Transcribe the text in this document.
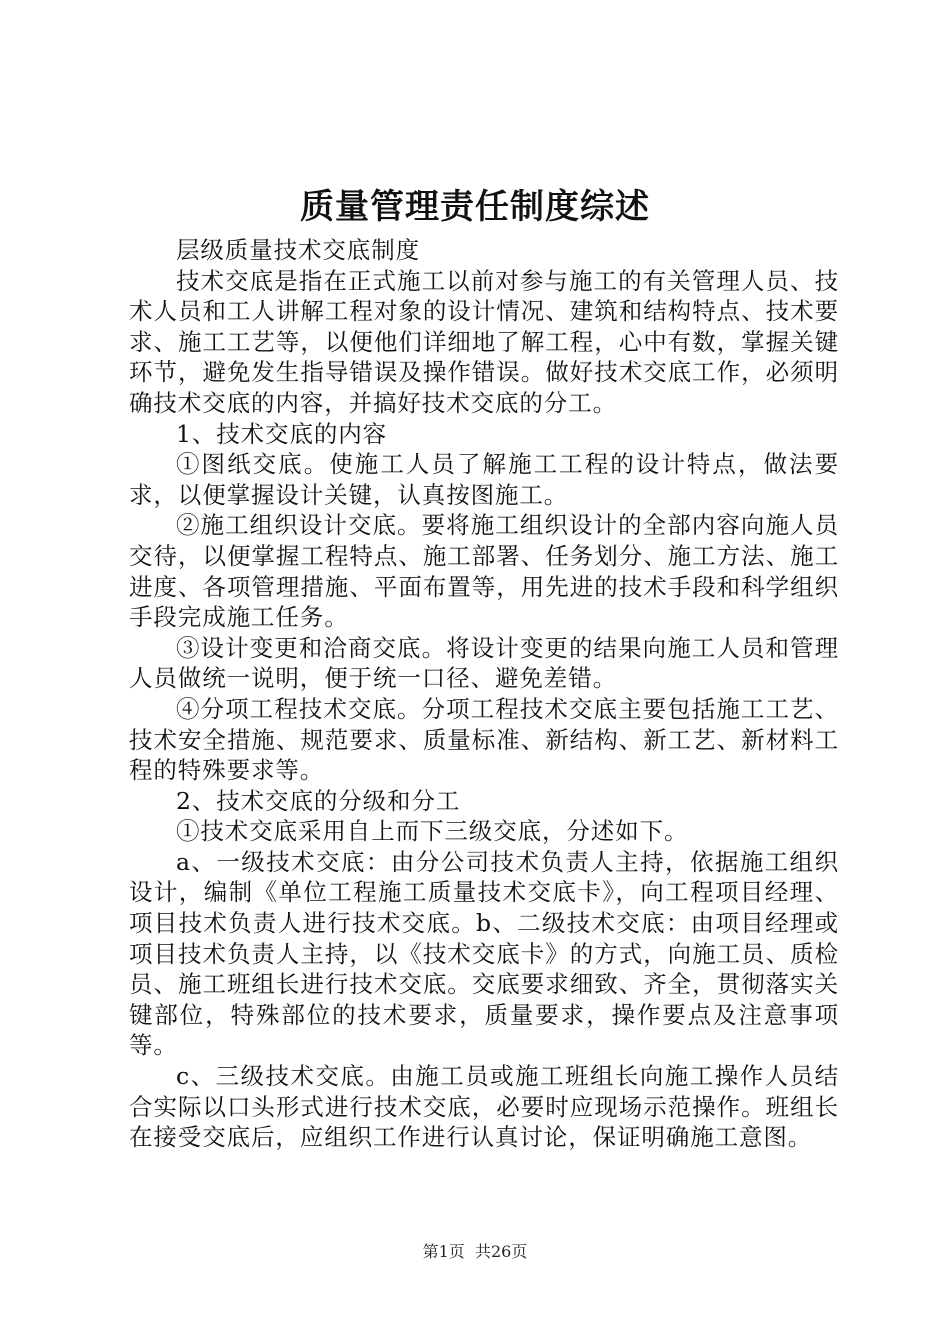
质量管理责任制度综述

层级质量技术交底制度

技术交底是指在正式施工以前对参与施工的有关管理人员、技术人员和工人讲解工程对象的设计情况、建筑和结构特点、技术要求、施工工艺等，以便他们详细地了解工程，心中有数，掌握关键环节，避免发生指导错误及操作错误。做好技术交底工作，必须明确技术交底的内容，并搞好技术交底的分工。

1、技术交底的内容

①图纸交底。使施工人员了解施工工程的设计特点，做法要求，以便掌握设计关键，认真按图施工。

②施工组织设计交底。要将施工组织设计的全部内容向施人员交待，以便掌握工程特点、施工部署、任务划分、施工方法、施工进度、各项管理措施、平面布置等，用先进的技术手段和科学组织手段完成施工任务。

③设计变更和洽商交底。将设计变更的结果向施工人员和管理人员做统一说明，便于统一口径、避免差错。

④分项工程技术交底。分项工程技术交底主要包括施工工艺、技术安全措施、规范要求、质量标准、新结构、新工艺、新材料工程的特殊要求等。

2、技术交底的分级和分工

①技术交底采用自上而下三级交底，分述如下。

a、一级技术交底：由分公司技术负责人主持，依据施工组织设计，编制《单位工程施工质量技术交底卡》，向工程项目经理、项目技术负责人进行技术交底。b、二级技术交底：由项目经理或项目技术负责人主持，以《技术交底卡》的方式，向施工员、质检员、施工班组长进行技术交底。交底要求细致、齐全，贯彻落实关键部位，特殊部位的技术要求，质量要求，操作要点及注意事项等。

c、三级技术交底。由施工员或施工班组长向施工操作人员结合实际以口头形式进行技术交底，必要时应现场示范操作。班组长在接受交底后，应组织工作进行认真讨论，保证明确施工意图。

第1页 共26页
